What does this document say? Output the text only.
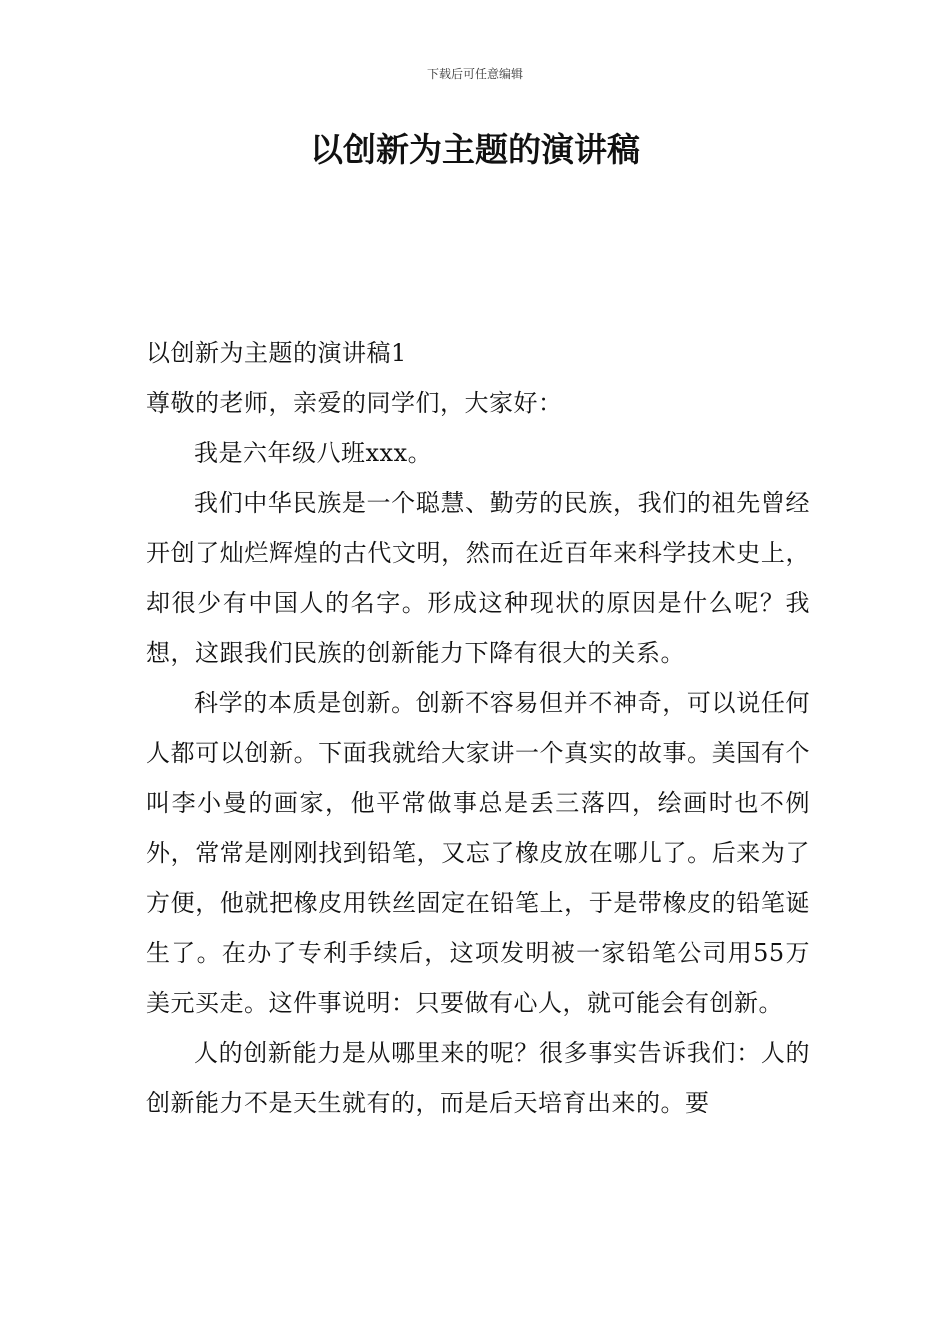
下载后可任意编辑
以创新为主题的演讲稿

以创新为主题的演讲稿1

尊敬的老师，亲爱的同学们，大家好：

我是六年级八班xxx。

我们中华民族是一个聪慧、勤劳的民族，我们的祖先曾经开创了灿烂辉煌的古代文明，然而在近百年来科学技术史上，却很少有中国人的名字。形成这种现状的原因是什么呢？我想，这跟我们民族的创新能力下降有很大的关系。

科学的本质是创新。创新不容易但并不神奇，可以说任何人都可以创新。下面我就给大家讲一个真实的故事。美国有个叫李小曼的画家，他平常做事总是丢三落四，绘画时也不例外，常常是刚刚找到铅笔，又忘了橡皮放在哪儿了。后来为了方便，他就把橡皮用铁丝固定在铅笔上，于是带橡皮的铅笔诞生了。在办了专利手续后，这项发明被一家铅笔公司用55万美元买走。这件事说明：只要做有心人，就可能会有创新。

人的创新能力是从哪里来的呢？很多事实告诉我们：人的创新能力不是天生就有的，而是后天培育出来的。要
